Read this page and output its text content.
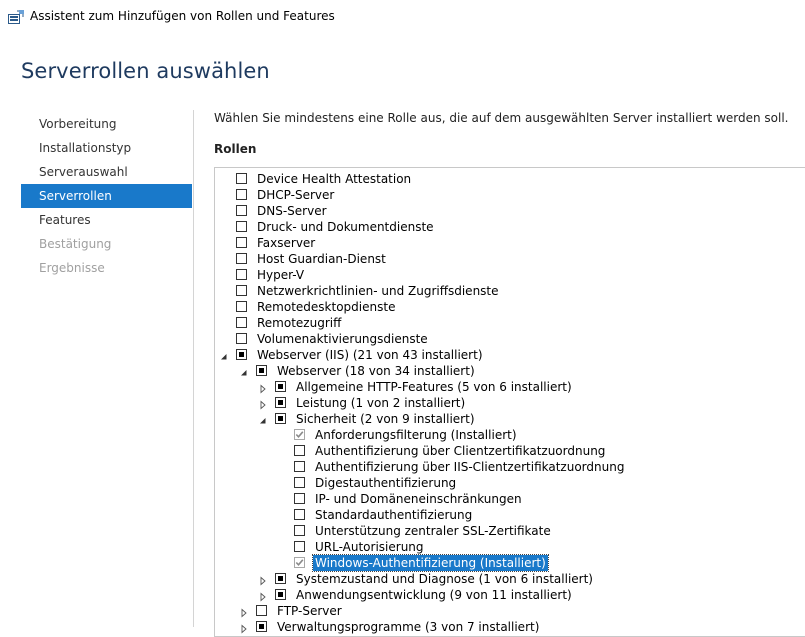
Assistent zum Hinzufügen von Rollen und Features
Serverrollen auswählen
Vorbereitung
Installationstyp
Serverauswahl
Serverrollen
Features
Bestätigung
Ergebnisse
Wählen Sie mindestens eine Rolle aus, die auf dem ausgewählten Server installiert werden soll.
Rollen
Device Health Attestation
DHCP-Server
DNS-Server
Druck- und Dokumentdienste
Faxserver
Host Guardian-Dienst
Hyper-V
Netzwerkrichtlinien- und Zugriffsdienste
Remotedesktopdienste
Remotezugriff
Volumenaktivierungsdienste
Webserver (IIS) (21 von 43 installiert)
Webserver (18 von 34 installiert)
Allgemeine HTTP-Features (5 von 6 installiert)
Leistung (1 von 2 installiert)
Sicherheit (2 von 9 installiert)
Anforderungsfilterung (Installiert)
Authentifizierung über Clientzertifikatzuordnung
Authentifizierung über IIS-Clientzertifikatzuordnung
Digestauthentifizierung
IP- und Domäneneinschränkungen
Standardauthentifizierung
Unterstützung zentraler SSL-Zertifikate
URL-Autorisierung
Windows-Authentifizierung (Installiert)
Systemzustand und Diagnose (1 von 6 installiert)
Anwendungsentwicklung (9 von 11 installiert)
FTP-Server
Verwaltungsprogramme (3 von 7 installiert)
